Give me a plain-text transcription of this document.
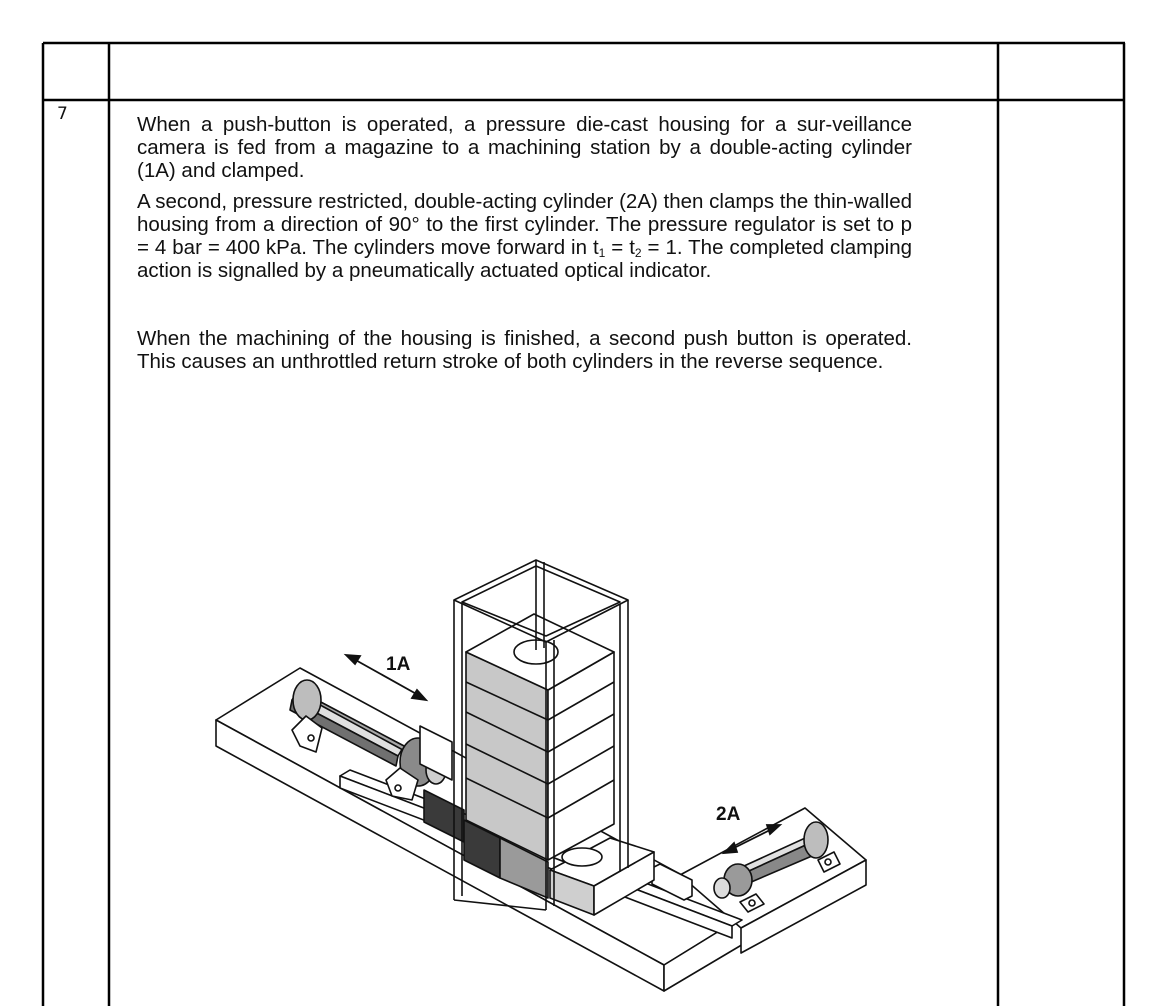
7	When a push-button is operated, a pressure die-cast housing for a sur-veillance camera is fed from a magazine to a machining station by a double-acting cylinder (1A) and clamped.

A second, pressure restricted, double-acting cylinder (2A) then clamps the thin-walled housing from a direction of 90° to the first cylinder. The pressure regulator is set to p = 4 bar = 400 kPa. The cylinders move forward in $t_1 = t_2 = 1$. The completed clamping action is signalled by a pneumatically actuated optical indicator.

When the machining of the housing is finished, a second push button is operated. This causes an unthrottled return stroke of both cylinders in the reverse sequence.

1A
2A
